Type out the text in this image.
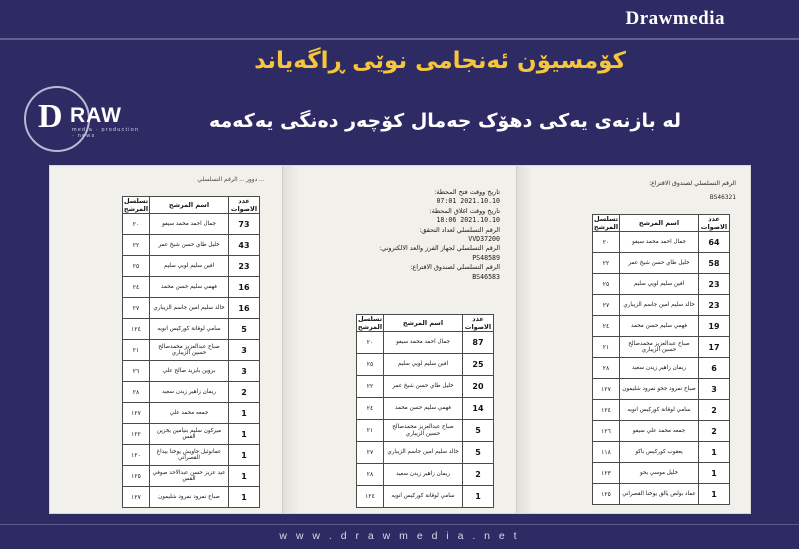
Drawmedia
کۆمسیۆن ئەنجامی نوێی ڕاگەیاند
لە بازنەی یەکی دهۆک جەمال کۆچەر دەنگی یەکەمە
D RAW
media · production · news
... دوور ... الرقم التسلسلي
عدد الاصوات	اسم المرشح	تسلسل المرشح
73	جمال احمد محمد سيفو	٢٠
43	خليل طاي حسن شيخ عمر	٢٢
23	افين سليم لويي سليم	٢٥
16	فهمي سليم حسن محمد	٢٤
16	خالد سليم امين جاسم الزيباري	٢٧
5	سامي لوقانة كوركيس انويه	١٢٤
3	صباح عبدالعزيز محمدصالح حسين الزيباري	٢١
3	بروين بايزيد صالح علي	٢٦
2	ريمان زاهير زيدن سعيد	٢٨
1	جمعه محمد علي	١٢٧
1	ميركون سليم بنيامين يخزين القس	١٢٢
1	عمانوئيل جاويش يوخنا بيداغ القصراني	١٢٠
1	عيد عزيز حسن عبدالاحد صوفي القس	١٢٥
1	صباح نمرود نمرود شليمون	١٢٧
تاريخ ووقت فتح المحطة:
2021.10.10 07:01
تاريخ ووقت اغلاق المحطة:
2021.10.10 18:06
الرقم التسلسلي لعداد التحقق:
VVD37200
الرقم التسلسلي لجهاز الفرز والعد الالكتروني:
PS48589
الرقم التسلسلي لصندوق الاقتراع:
BS46583
عدد الاصوات	اسم المرشح	تسلسل المرشح
87	جمال احمد محمد سيفو	٢٠
25	افين سليم لويي سليم	٢٥
20	خليل طاي حسن شيخ عمر	٢٢
14	فهمي سليم حسن محمد	٢٤
5	صباح عبدالعزيز محمدصالح حسين الزيباري	٢١
5	خالد سليم امين جاسم الزيباري	٢٧
2	ريمان زاهير زيدن سعيد	٢٨
1	سامي لوقانة كوركيس انويه	١٢٤
الرقم التسلسلي لصندوق الاقتراع:
BS46321
عدد الاصوات	اسم المرشح	تسلسل المرشح
64	جمال احمد محمد سيفو	٢٠
58	خليل طاي حسن شيخ عمر	٢٢
23	افين سليم لويي سليم	٢٥
23	خالد سليم امين جاسم الزيباري	٢٧
19	فهمي سليم حسن محمد	٢٤
17	صباح عبدالعزيز محمدصالح حسين الزيباري	٢١
6	ريمان زاهير زيدن سعيد	٢٨
3	صباح نمرود جحو نمرود شليمون	١٢٧
2	سامي لوقانة كوركيس انويه	١٢٤
2	جمعه محمد علي سيفو	١٢٦
1	يعقوب كوركيس باكو	١١٨
1	خليل موسي يحو	١٢٣
1	عماد بولص يالق يوخنا القصراني	١٢٥
w w w . d r a w m e d i a . n e t
